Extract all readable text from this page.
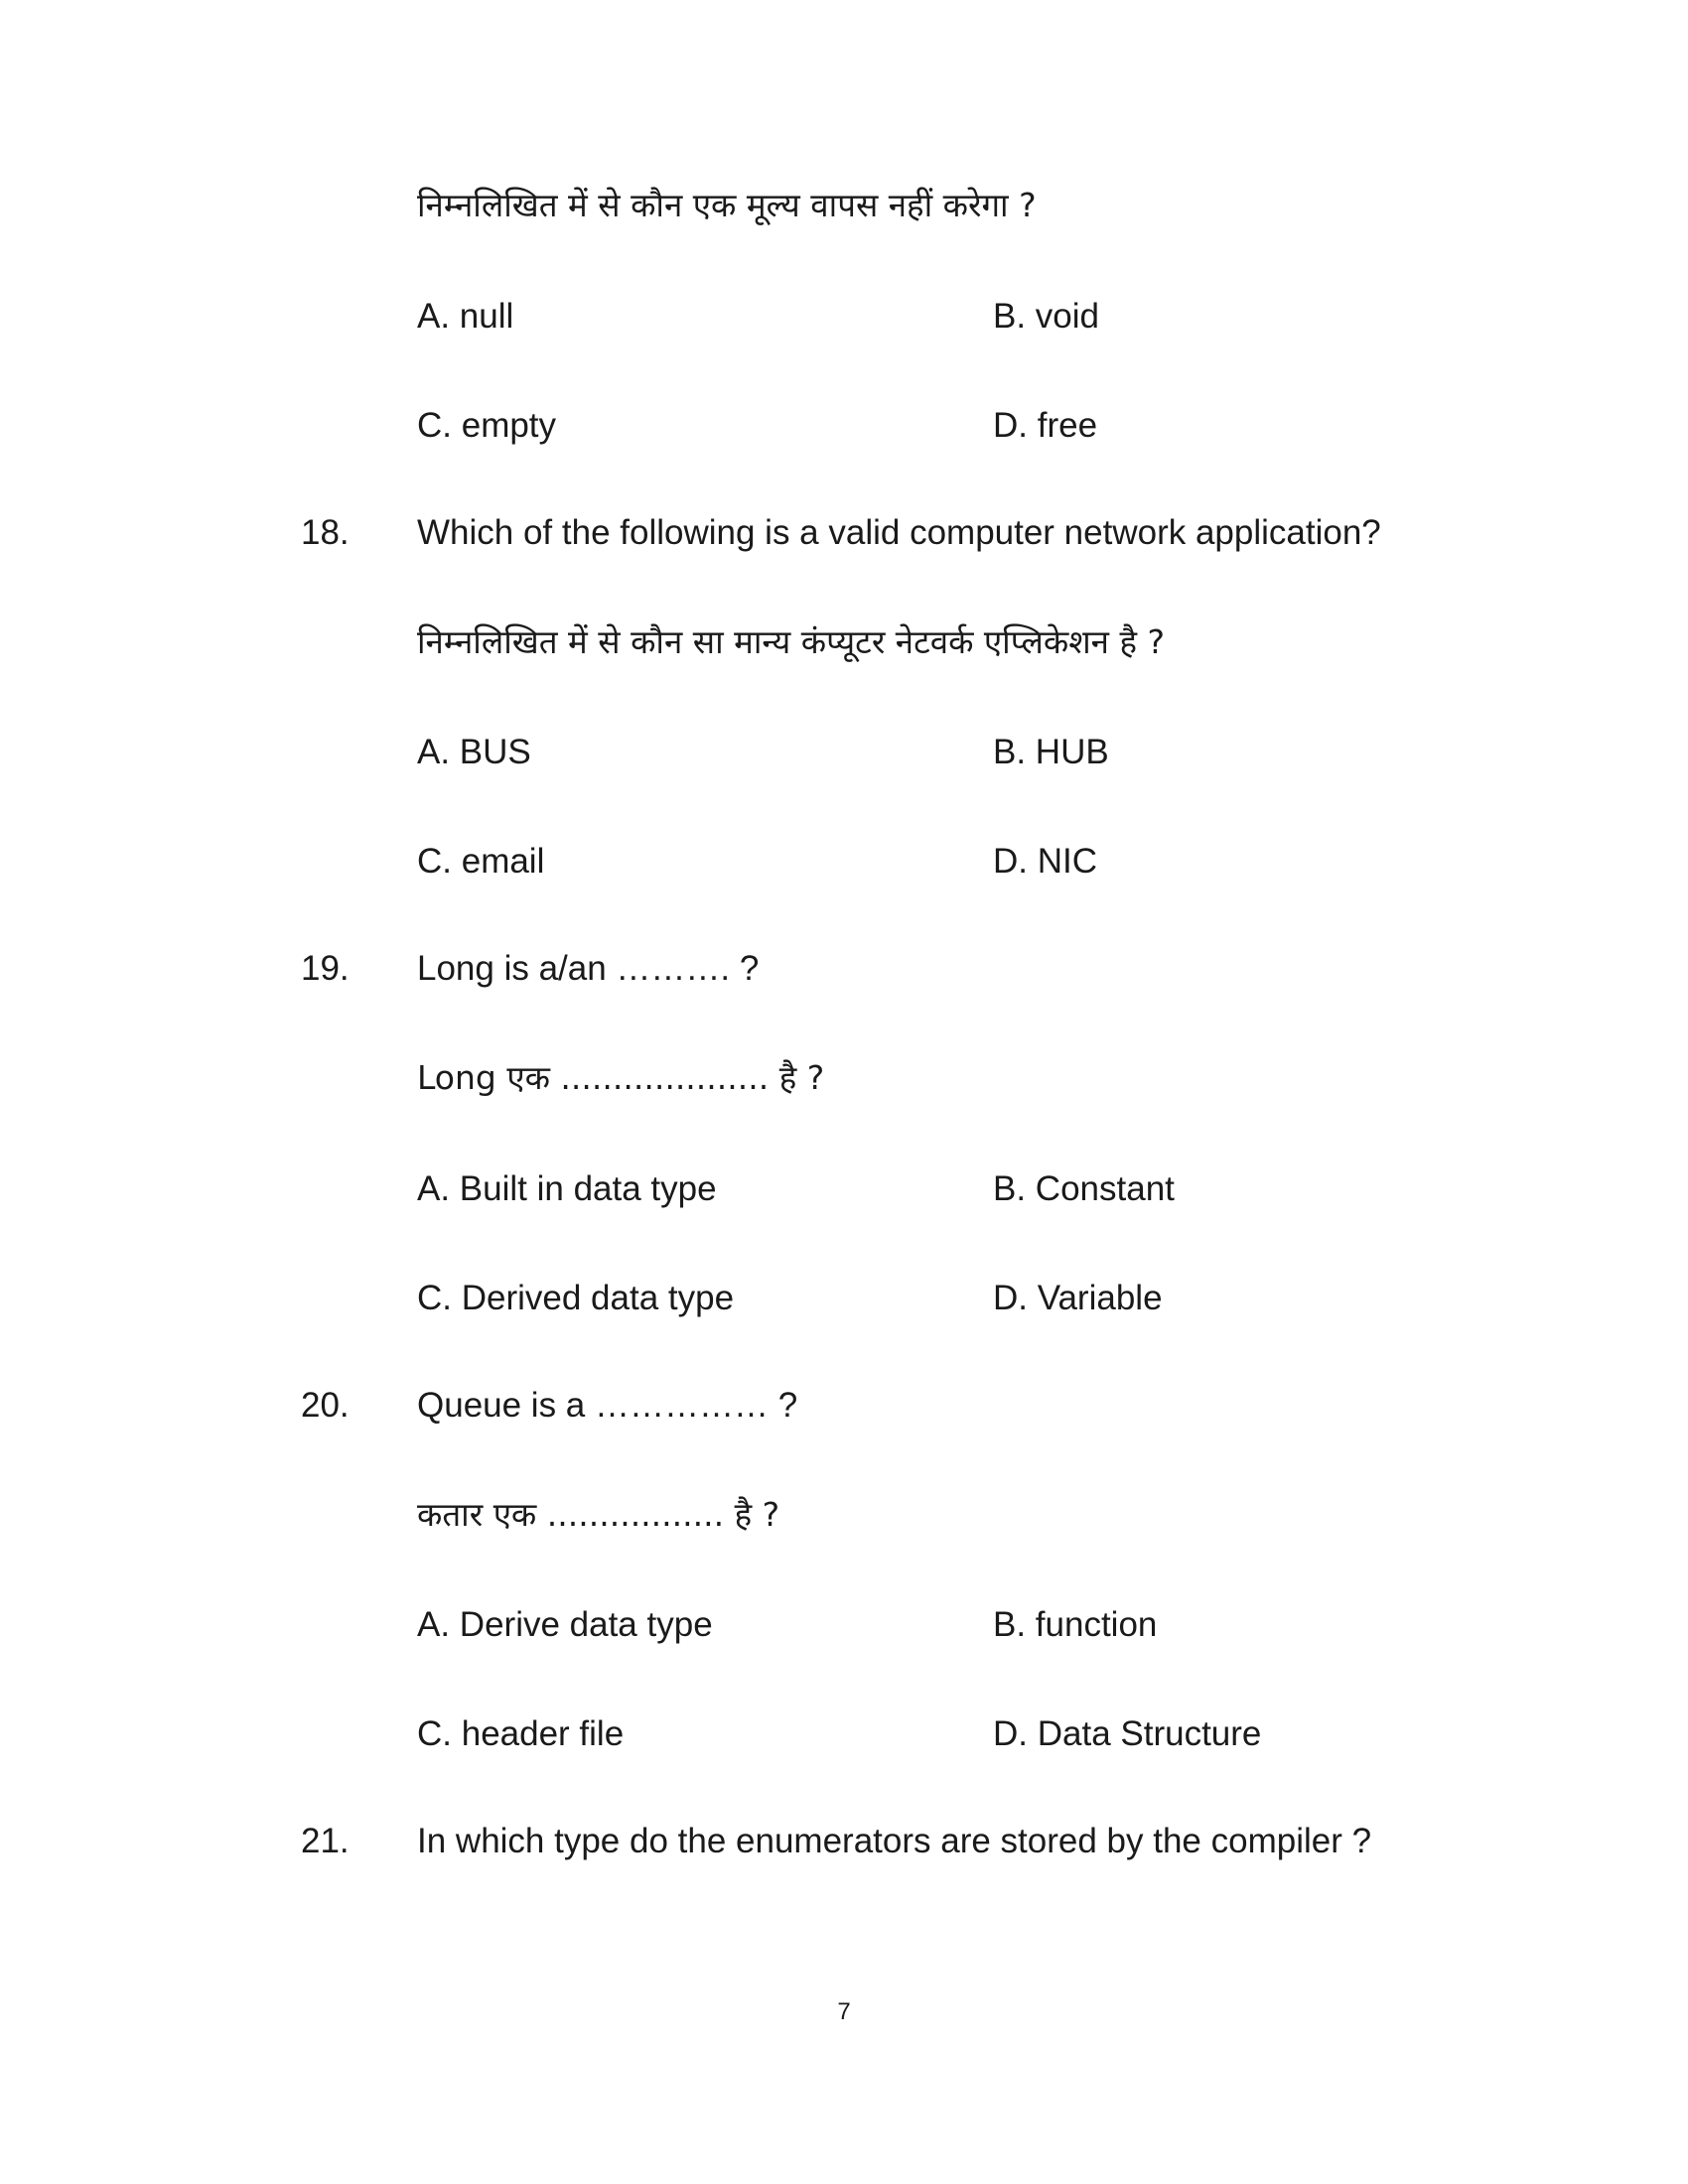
निम्नलिखित में से कौन एक मूल्य वापस नहीं करेगा ?
A. null	B. void
C. empty	D. free
18. Which of the following is a valid computer network application?
निम्नलिखित में से कौन सा मान्य कंप्यूटर नेटवर्क एप्लिकेशन है ?
A. BUS	B. HUB
C. email	D. NIC
19. Long is a/an ………. ?
Long एक .................... है ?
A. Built in data type	B. Constant
C. Derived data type	D. Variable
20. Queue is a …………… ?
कतार एक ................. है ?
A. Derive data type	B. function
C. header file	D. Data Structure
21. In which type do the enumerators are stored by the compiler ?
7
